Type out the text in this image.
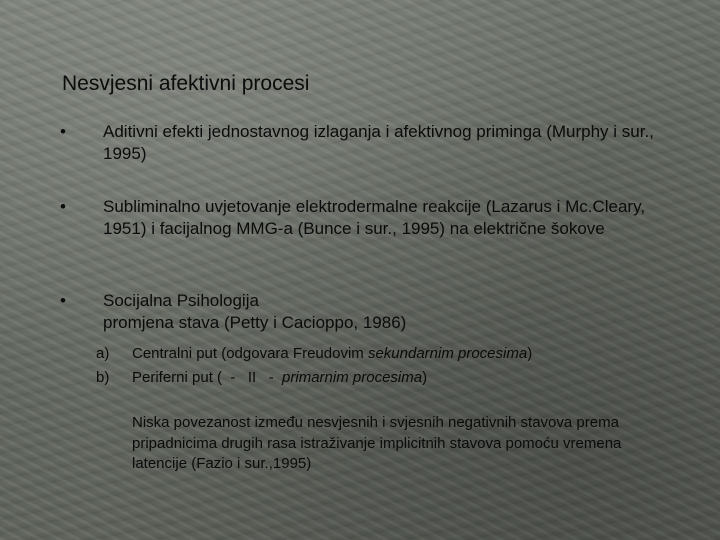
Nesvjesni afektivni procesi
• Aditivni efekti jednostavnog izlaganja i afektivnog priminga (Murphy i sur., 1995)
• Subliminalno uvjetovanje elektrodermalne reakcije (Lazarus i Mc.Cleary, 1951) i facijalnog MMG-a (Bunce i sur., 1995) na električne šokove
• Socijalna Psihologija
promjena stava (Petty i Cacioppo, 1986)
a) Centralni put (odgovara Freudovim sekundarnim procesima)
b) Periferni put (  -   II   -  primarnim procesima)
Niska povezanost između nesvjesnih i svjesnih negativnih stavova prema pripadnicima drugih rasa istraživanje implicitnih stavova pomoću vremena latencije (Fazio i sur.,1995)
